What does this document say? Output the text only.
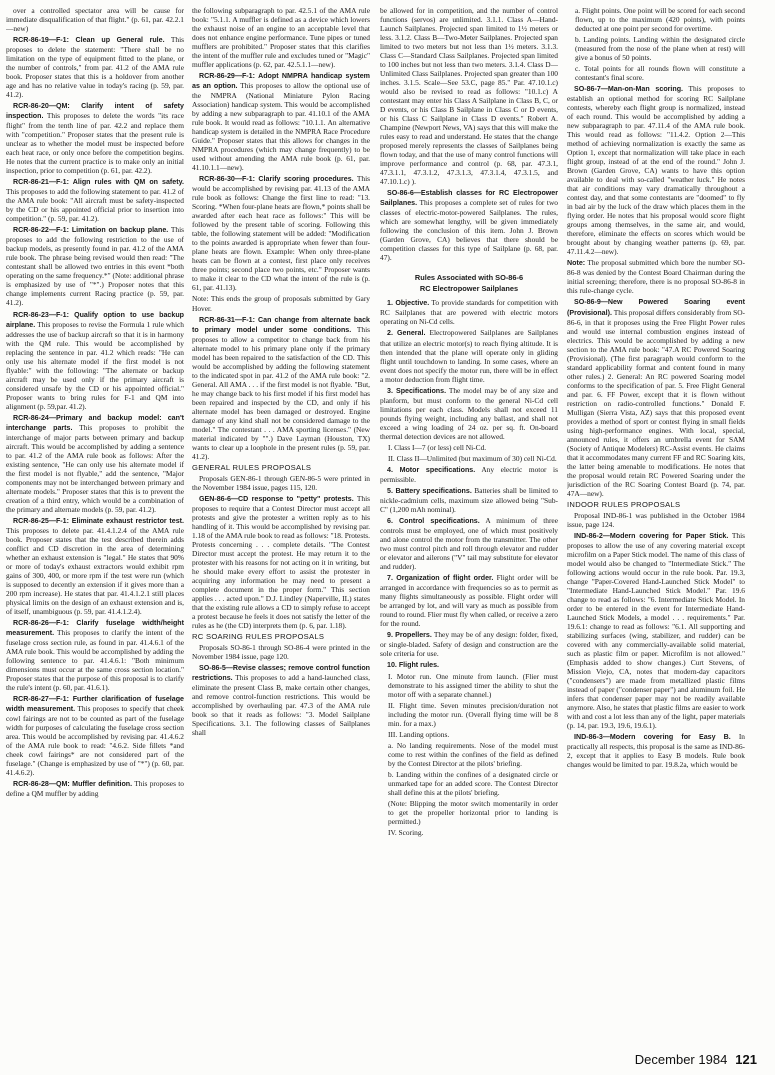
over a controlled spectator area will be cause for immediate disqualification of that flight." (p. 61, par. 42.2.1—new)

RCR-86-19—F-1: Clean up General rule. This proposes to delete the statement: "There shall be no limitation on the type of equipment fitted to the plane, or the number of controls," from par. 41.2 of the AMA rule book. Proposer states that this is a holdover from another age and has no relative value in today's racing (p. 59, par. 41.2).

RCR-86-20—QM: Clarify intent of safety inspection. This proposes to delete the words "its race flight" from the tenth line of par. 42.2 and replace them with "competition." Proposer states that the present rule is unclear as to whether the model must be inspected before each heat race, or only once before the competition begins. He notes that the current practice is to make only an initial inspection, prior to competition (p. 61, par. 42.2).

RCR-86-21—F-1: Align rules with QM on safety. This proposes to add the following statement to par. 41.2 of the AMA rule book: "All aircraft must be safety-inspected by the CD or his appointed official prior to insertion into competition." (p. 59, par. 41.2).

RCR-86-22—F-1: Limitation on backup plane. This proposes to add the following restriction to the use of backup models, as presently found in par. 41.2 of the AMA rule book. The phrase being revised would then read: "The contestant shall be allowed two entries in this event *both operating on the same frequency.*" (Note: additional phrase is emphasized by use of "*".) Proposer notes that this change implements current Racing practice (p. 59, par. 41.2).

RCR-86-23—F-1: Qualify option to use backup airplane. This proposes to revise the Formula 1 rule which addresses the use of backup aircraft so that it is in harmony with the QM rule. This would be accomplished by replacing the sentence in par. 41.2 which reads: "He can only use his alternate model if the first model is not flyable:" with the following: "The alternate or backup aircraft may be used only if the primary aircraft is considered unsafe by the CD or his appointed official." Proposer wants to bring rules for F-1 and QM into alignment (p. 59,par. 41.2).

RCR-86-24—Primary and backup model: can't interchange parts. This proposes to prohibit the interchange of major parts between primary and backup aircraft. This would be accomplished by adding a sentence to par. 41.2 of the AMA rule book as follows: After the existing sentence, "He can only use his alternate model if the first model is not flyable," add the sentence, "Major components may not be interchanged between primary and alternate models." Proposer states that this is to prevent the creation of a third entry, which would be a combination of the primary and alternate models (p. 59, par. 41.2).

RCR-86-25—F-1: Eliminate exhaust restrictor test. This proposes to delete par. 41.4.1.2.4 of the AMA rule book. Proposer states that the test described therein adds conflict and CD discretion in the area of determining whether an exhaust extension is "legal." He states that 90% or more of today's exhaust extractors would exhibit rpm gains of 300, 400, or more rpm if the test were run (which is supposed to decently an extension if it gives more than a 200 rpm increase). He states that par. 41.4.1.2.1 still places physical limits on the design of an exhaust extension and is, of itself, unambiguous (p. 59, par. 41.4.1.2.4).

RCR-86-26—F-1: Clarify fuselage width/height measurement. This proposes to clarify the intent of the fuselage cross section rule, as found in par. 41.4.6.1 of the AMA rule book. This would be accomplished by adding the following sentence to par. 41.4.6.1: "Both minimum dimensions must occur at the same cross section location." Proposer states that the purpose of this proposal is to clarify the rule's intent (p. 60, par. 41.6.1).

RCR-86-27—F-1: Further clarification of fuselage width measurement. This proposes to specify that cheek cowl fairings are not to be counted as part of the fuselage width for purposes of calculating the fuselage cross section area. This would be accomplished by revising par. 41.4.6.2 of the AMA rule book to read: "4.6.2. Side fillets *and cheek cowl fairings* are not considered part of the fuselage." (Change is emphasized by use of "*") (p. 60, par. 41.4.6.2).

RCR-86-28—QM: Muffler definition. This proposes to define a QM muffler by adding

the following subparagraph to par. 42.5.1 of the AMA rule book: "5.1.1. A muffler is defined as a device which lowers the exhaust noise of an engine to an acceptable level that does not enhance engine performance. Tune pipes or tuned mufflers are prohibited." Proposer states that this clarifies the intent of the muffler rule and excludes tuned or "Magic" muffler applications (p. 62, par. 42.5.1.1—new).

RCR-86-29—F-1: Adopt NMPRA handicap system as an option. This proposes to allow the optional use of the NMPRA (National Miniature Pylon Racing Association) handicap system. This would be accomplished by adding a new subparagraph to par. 41.10.1 of the AMA rule book. It would read as follows: "10.1.1. An alternative handicap system is detailed in the NMPRA Race Procedure Guide." Proposer states that this allows for changes in the NMPRA procedures (which may change frequently) to be used without amending the AMA rule book (p. 61, par. 41.10.1.1—new).

RCR-86-30—F-1: Clarify scoring procedures. This would be accomplished by revising par. 41.13 of the AMA rule book as follows: Change the first line to read: "13. Scoring. *When four-plane heats are flown,* points shall be awarded after each heat race as follows:" This will be followed by the present table of scoring. Following this table, the following statement will be added: "Modification to the points awarded is appropriate when fewer than four-plane heats are flown. Example: When only three-plane heats can be flown at a contest, first place only receives three points; second place two points, etc." Proposer wants to make it clear to the CD what the intent of the rule is (p. 61, par. 41.13).

Note: This ends the group of proposals submitted by Gary Hover.

RCR-86-31—F-1: Can change from alternate back to primary model under some conditions. This proposes to allow a competitor to change back from his alternate model to his primary plane only if the primary model has been repaired to the satisfaction of the CD. This would be accomplished by adding the following statement to the indicated spot in par. 41.2 of the AMA rule book: "2. General. All AMA . . . if the first model is not flyable. "But, he may change back to his first model if his first model has been repaired and inspected by the CD, and only if his alternate model has been damaged or destroyed. Engine damage of any kind shall not be considered damage to the model." The contestant . . . AMA sporting licenses." (New material indicated by "".) Dave Layman (Houston, TX) wants to clear up a loophole in the present rules (p. 59, par. 41.2).

GENERAL RULES PROPOSALS

Proposals GEN-86-1 through GEN-86-5 were printed in the November 1984 issue, pages 115, 120.

GEN-86-6—CD response to "petty" protests. This proposes to require that a Contest Director must accept all protests and give the protester a written reply as to his handling of it. This would be accomplished by revising par. 1.18 of the AMA rule book to read as follows: "18. Protests. Protests concerning . . . complete details. "The Contest Director must accept the protest. He may return it to the protester with his reasons for not acting on it in writing, but he should make every effort to assist the protester in acquiring any information he may need to present a complete document in the proper form." This section applies . . . acted upon." D.J. Lindley (Naperville, IL) states that the existing rule allows a CD to simply refuse to accept a protest because he feels it does not satisfy the letter of the rules as he (the CD) interprets them (p. 6, par. 1.18).

RC SOARING RULES PROPOSALS

Proposals SO-86-1 through SO-86-4 were printed in the November 1984 issue, page 120.

SO-86-5—Revise classes; remove control function restrictions. This proposes to add a hand-launched class, eliminate the present Class B, make certain other changes, and remove control-function restrictions. This would be accomplished by overhauling par. 47.3 of the AMA rule book so that it reads as follows: "3. Model Sailplane Specifications. 3.1. The following classes of Sailplanes shall

be allowed for in competition, and the number of control functions (servos) are unlimited. 3.1.1. Class A—Hand-Launch Sailplanes. Projected span limited to 1½ meters or less. 3.1.2. Class B—Two-Meter Sailplanes. Projected span limited to two meters but not less than 1½ meters. 3.1.3. Class C—Standard Class Sailplanes. Projected span limited to 100 inches but not less than two meters. 3.1.4. Class D—Unlimited Class Sailplanes. Projected span greater than 100 inches. 3.1.5. Scale—See 53.C, page 85." Par. 47.10.1.c) would also be revised to read as follows: "10.1.c) A contestant may enter his Class A Sailplane in Class B, C, or D events, or his Class B Sailplane in Class C or D events, or his Class C Sailplane in Class D events." Robert A. Champine (Newport News, VA) says that this will make the rules easy to read and understand. He states that the change proposed merely represents the classes of Sailplanes being flown today, and that the use of many control functions will improve performance and control (p. 68, par. 47.3.1, 47.3.1.1, 47.3.1.2, 47.3.1.3, 47.3.1.4, 47.3.1.5, and 47.10.1.c) ).

SO-86-6—Establish classes for RC Electropower Sailplanes. This proposes a complete set of rules for two classes of electric-motor-powered Sailplanes. The rules, which are somewhat lengthy, will be given immediately following the conclusion of this item. John J. Brown (Garden Grove, CA) believes that there should be competition classes for this type of Sailplane (p. 68, par. 47).

Rules Associated with SO-86-6
RC Electropower Sailplanes

1. Objective. To provide standards for competition with RC Sailplanes that are powered with electric motors operating on Ni-Cd cells.

2. General. Electropowered Sailplanes are Sailplanes that utilize an electric motor(s) to reach flying altitude. It is then intended that the plane will operate only in gliding flight until touchdown to landing. In some cases, where an event does not specify the motor run, there will be in effect a motor deduction from flight time.

3. Specifications. The model may be of any size and planform, but must conform to the general Ni-Cd cell limitations per each class. Models shall not exceed 11 pounds flying weight, including any ballast, and shall not exceed a wing loading of 24 oz. per sq. ft. On-board thermal detection devices are not allowed.

I. Class I—7 (or less) cell Ni-Cd.

II. Class II—Unlimited (but maximum of 30) cell Ni-Cd.

4. Motor specifications. Any electric motor is permissible.

5. Battery specifications. Batteries shall be limited to nickle-cadmium cells, maximum size allowed being "Sub-C" (1,200 mAh nominal).

6. Control specifications. A minimum of three controls must be employed, one of which must positively and alone control the motor from the transmitter. The other two must control pitch and roll through elevator and rudder or elevator and ailerons ("V" tail may substitute for elevator and rudder).

7. Organization of flight order. Flight order will be arranged in accordance with frequencies so as to permit as many flights simultaneously as possible. Flight order will be arranged by lot, and will vary as much as possible from round to round. Flier must fly when called, or receive a zero for the round.

9. Propellers. They may be of any design: folder, fixed, or single-bladed. Safety of design and construction are the sole criteria for use.

10. Flight rules.

I. Motor run. One minute from launch. (Flier must demonstrate to his assigned timer the ability to shut the motor off with a separate channel.)

II. Flight time. Seven minutes precision/duration not including the motor run. (Overall flying time will be 8 min. for a max.)

III. Landing options.

a. No landing requirements. Nose of the model must come to rest within the confines of the field as defined by the Contest Director at the pilots' briefing.

b. Landing within the confines of a designated circle or unmarked tape for an added score. The Contest Director shall define this at the pilots' briefing.

(Note: Blipping the motor switch momentarily in order to get the propeller horizontal prior to landing is permitted.)

IV. Scoring.

a. Flight points. One point will be scored for each second flown, up to the maximum (420 points), with points deducted at one point per second for overtime.

b. Landing points. Landing within the designated circle (measured from the nose of the plane when at rest) will give a bonus of 50 points.

c. Total points for all rounds flown will constitute a contestant's final score.

SO-86-7—Man-on-Man scoring. This proposes to establish an optional method for scoring RC Sailplane contests, whereby each flight group is normalized, instead of each round. This would be accomplished by adding a new subparagraph to par. 47.11.4 of the AMA rule book. This would read as follows: "11.4.2. Option 2—This method of achieving normalization is exactly the same as Option 1, except that normalization will take place in each flight group, instead of at the end of the round." John J. Brown (Garden Grove, CA) wants to have this option available to deal with so-called "weather luck." He notes that air conditions may vary dramatically throughout a contest day, and that some contestants are "doomed" to fly in bad air by the luck of the draw which places them in the flying order. He notes that his proposal would score flight groups among themselves, in the same air, and would, therefore, eliminate the effects on scores which would be brought about by changing weather patterns (p. 69, par. 47.11.4.2—new).

Note: The proposal submitted which bore the number SO-86-8 was denied by the Contest Board Chairman during the initial screening; therefore, there is no proposal SO-86-8 in this rule-change cycle.

SO-86-9—New Powered Soaring event (Provisional). This proposal differs considerably from SO-86-6, in that it proposes using the Free Flight Power rules and would use internal combustion engines instead of electrics. This would be accomplished by adding a new section to the AMA rule book: "47.A RC Powered Soaring (Provisional). (The first paragraph would conform to the standard applicability format and content found in many other rules.) 2. General: An RC powered Soaring model conforms to the specification of par. 5. Free Flight General and par. 6. FF Power, except that it is flown without restriction on radio-controlled functions." Donald F. Mulligan (Sierra Vista, AZ) says that this proposed event provides a method of sport or contest flying in small fields using high-performance engines. With local, special, announced rules, it offers an umbrella event for SAM (Society of Antique Modelers) RC-Assist events. He claims that it accommodates many current FF and RC Soaring kits, the latter being amenable to modifications. He notes that the proposal would retain RC Powered Soaring under the jurisdiction of the RC Soaring Contest Board (p. 74, par. 47A—new).

INDOOR RULES PROPOSALS

Proposal IND-86-1 was published in the October 1984 issue, page 124.

IND-86-2—Modern covering for Paper Stick. This proposes to allow the use of any covering material except microfilm on a Paper Stick model. The name of this class of model would also be changed to "Intermediate Stick." The following actions would occur in the rule book. Par. 19.3, change "Paper-Covered Hand-Launched Stick Model" to "Intermediate Hand-Launched Stick Model." Par. 19.6 change to read as follows: "6. Intermediate Stick Model. In order to be entered in the event for Intermediate Hand-Launched Stick Models, a model . . . requirements." Par. 19.6.1: change to read as follows: "6.1. All supporting and stabilizing surfaces (wing, stabilizer, and rudder) can be covered with any commercially-available solid material, such as plastic film or paper. Microfilm is not allowed." (Emphasis added to show changes.) Curt Stevens, of Mission Viejo, CA, notes that modern-day capacitors ("condensers") are made from metallized plastic films instead of paper ("condenser paper") and aluminum foil. He infers that condenser paper may not be readily available anymore. Also, he states that plastic films are easier to work with and cost a lot less than any of the light, paper materials (p. 14, par. 19.3, 19.6, 19.6.1).

IND-86-3—Modern covering for Easy B. In practically all respects, this proposal is the same as IND-86-2, except that it applies to Easy B models. Rule book changes would be limited to par. 19.8.2a, which would be

December 1984 121
